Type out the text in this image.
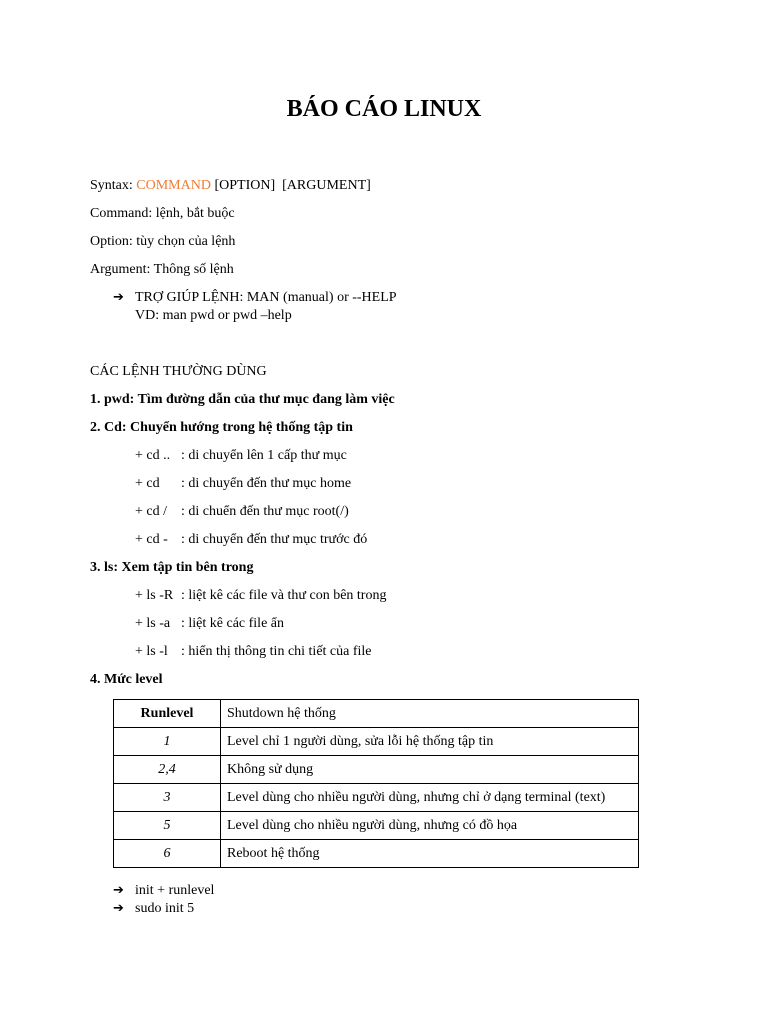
BÁO CÁO LINUX
Syntax: COMMAND [OPTION]  [ARGUMENT]
Command: lệnh, bắt buộc
Option: tùy chọn của lệnh
Argument: Thông số lệnh
➔ TRỢ GIÚP LỆNH: MAN (manual) or --HELP
VD: man pwd or pwd –help
CÁC LỆNH THƯỜNG DÙNG
1. pwd: Tìm đường dẫn của thư mục đang làm việc
2. Cd: Chuyển hướng trong hệ thống tập tin
+ cd .. : di chuyển lên 1 cấp thư mục
+ cd : di chuyển đến thư mục home
+ cd / : di chuển đến thư mục root(/)
+ cd - : di chuyển đến thư mục trước đó
3. ls: Xem tập tin bên trong
+ ls -R : liệt kê các file và thư con bên trong
+ ls -a : liệt kê các file ẩn
+ ls -l : hiển thị thông tin chi tiết của file
4. Mức level
Runlevel	Shutdown hệ thống
1	Level chỉ 1 người dùng, sửa lỗi hệ thống tập tin
2,4	Không sử dụng
3	Level dùng cho nhiều người dùng, nhưng chỉ ở dạng terminal (text)
5	Level dùng cho nhiều người dùng, nhưng có đồ họa
6	Reboot hệ thống
➔ init + runlevel
➔ sudo init 5
